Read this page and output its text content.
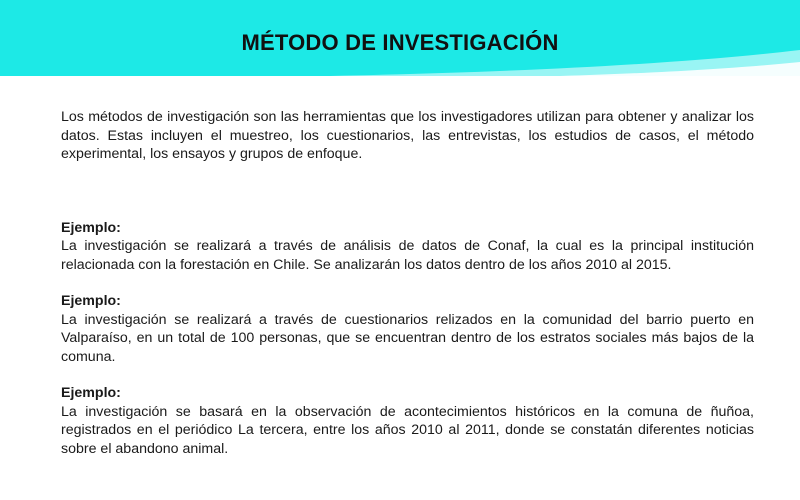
MÉTODO DE INVESTIGACIÓN

Los métodos de investigación son las herramientas que los investigadores utilizan para obtener y analizar los datos. Estas incluyen el muestreo, los cuestionarios, las entrevistas, los estudios de casos, el método experimental, los ensayos y grupos de enfoque.

Ejemplo:

La investigación se realizará a través de análisis de datos de Conaf, la cual es la principal institución relacionada con la forestación en Chile. Se analizarán los datos dentro de los años 2010 al 2015.

Ejemplo:

La investigación se realizará a través de cuestionarios relizados en la comunidad del barrio puerto en Valparaíso, en un total de 100 personas, que se encuentran dentro de los estratos sociales más bajos de la comuna.

Ejemplo:

La investigación se basará en la observación de acontecimientos históricos en la comuna de ñuñoa, registrados en el periódico La tercera, entre los años 2010 al 2011, donde se constatán diferentes noticias sobre el abandono animal.
